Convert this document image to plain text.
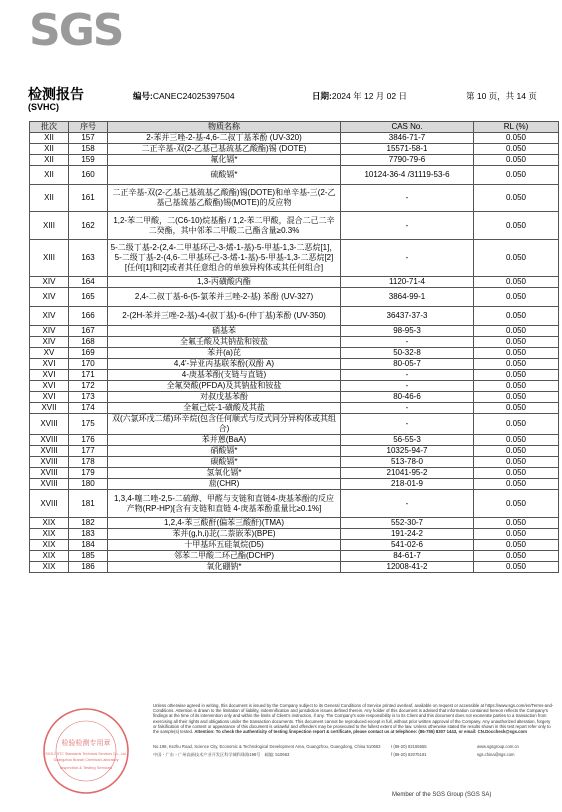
SGS
检测报告
(SVHC)
编号:CANEC24025397504	日期:2024 年 12 月 02 日	第 10 页，共 14 页
批次	序号	物质名称	CAS No.	RL (%)
XII	157	2-苯并三唑-2-基-4,6-二叔丁基苯酚 (UV-320)	3846-71-7	0.050
XII	158	二正辛基-双(2-乙基己基巯基乙酸酯)锡 (DOTE)	15571-58-1	0.050
XII	159	氟化镉*	7790-79-6	0.050
XII	160	硫酸镉*	10124-36-4 /31119-53-6	0.050
XII	161	二正辛基-双(2-乙基己基巯基乙酸酯)锡(DOTE)和单辛基-三(2-乙基己基巯基乙酸酯)锡(MOTE)的反应物	-	0.050
XIII	162	1,2-苯二甲酸，二(C6-10)烷基酯 / 1,2-苯二甲酸，混合二己二辛二癸酯，其中邻苯二甲酸二己酯含量≥0.3%	-	0.050
XIII	163	5-二级丁基-2-(2,4-二甲基环己-3-烯-1-基)-5-甲基-1,3-二恶烷[1]，5-二级丁基-2-(4,6-二甲基环己-3-烯-1-基)-5-甲基-1,3-二恶烷[2] [任何[1]和[2]或者其任意组合的单独异构体或其任何组合]	-	0.050
XIV	164	1,3-丙磺酸内酯	1120-71-4	0.050
XIV	165	2,4-二叔丁基-6-(5-氯苯并三唑-2-基) 苯酚 (UV-327)	3864-99-1	0.050
XIV	166	2-(2H-苯并三唑-2-基)-4-(叔丁基)-6-(仲丁基)苯酚 (UV-350)	36437-37-3	0.050
XIV	167	硝基苯	98-95-3	0.050
XIV	168	全氟壬酸及其钠盐和铵盐	-	0.050
XV	169	苯并(a)芘	50-32-8	0.050
XVI	170	4,4'-异亚丙基联苯酚(双酚 A)	80-05-7	0.050
XVI	171	4-庚基苯酚(支链与直链)	-	0.050
XVI	172	全氟癸酸(PFDA)及其钠盐和铵盐	-	0.050
XVI	173	对叔戊基苯酚	80-46-6	0.050
XVII	174	全氟己烷-1-磺酸及其盐	-	0.050
XVIII	175	双(六氯环戊二烯)环辛烷(包含任何顺式与反式同分异构体或其组合)	-	0.050
XVIII	176	苯并蒽(BaA)	56-55-3	0.050
XVIII	177	硝酸镉*	10325-94-7	0.050
XVIII	178	碳酸镉*	513-78-0	0.050
XVIII	179	氢氧化镉*	21041-95-2	0.050
XVIII	180	䓛(CHR)	218-01-9	0.050
XVIII	181	1,3,4-噻二唑-2,5-二硫醇、甲醛与支链和直链4-庚基苯酚的反应产物(RP-HP)[含有支链和直链 4-庚基苯酚重量比≥0.1%]	-	0.050
XIX	182	1,2,4-苯三酸酐(偏苯三酸酐)(TMA)	552-30-7	0.050
XIX	183	苯并(g,h,i)苝(二萘嵌苯)(BPE)	191-24-2	0.050
XIX	184	十甲基环五硅氧烷(D5)	541-02-6	0.050
XIX	185	邻苯二甲酸二环己酯(DCHP)	84-61-7	0.050
XIX	186	氧化硼钠*	12008-41-2	0.050
检验检测专用章
SGS-CSTC Standards Technical Services Co., Ltd.
Guangzhou Branch Chemical Laboratory
Inspection & Testing Services
Unless otherwise agreed in writing, this document is issued by the Company subject to its General Conditions of Service printed overleaf, available on request or accessible at https://www.sgs.com/en/Terms-and-Conditions. Attention is drawn to the limitation of liability, indemnification and jurisdiction issues defined therein. Any holder of this document is advised that information contained hereon reflects the Company's findings at the time of its intervention only and within the limits of Client's instruction, if any. The Company's sole responsibility is to its Client and this document does not exonerate parties to a transaction from exercising all their rights and obligations under the transaction documents. This document cannot be reproduced except in full, without prior written approval of the Company. Any unauthorized alteration, forgery or falsification of the content or appearance of this document is unlawful and offenders may be prosecuted to the fullest extent of the law. Unless otherwise stated the results shown in this test report refer only to the sample(s) tested. Attention: To check the authenticity of testing /inspection report & certificate, please contact us at telephone: (86-755) 8307 1443, or email: CN.Doccheck@sgs.com
No.198, Kezhu Road, Science City, Economic & Technological Development Area, Guangzhou, Guangdong, China 510663
中国・广东・广州高新技术产业开发区科学城科珠路198号　邮编: 510663
t (86-20) 82155555
f (86-20) 82075191
www.sgsgroup.com.cn
sgs.china@sgs.com
Member of the SGS Group (SGS SA)
